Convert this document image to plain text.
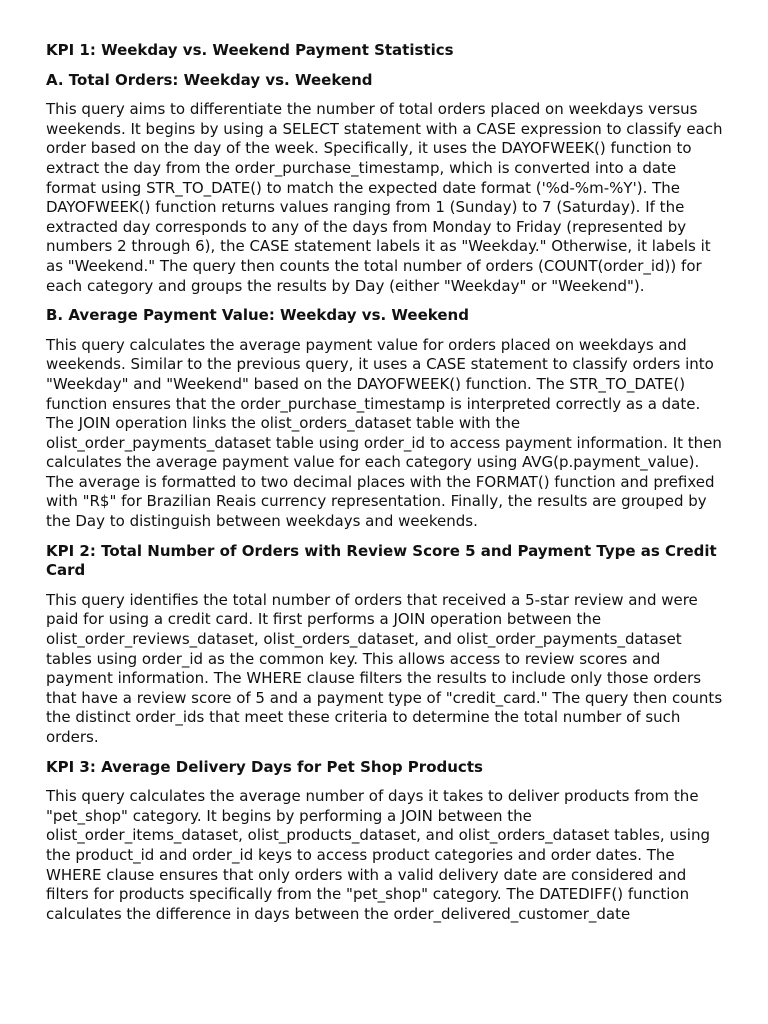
KPI 1: Weekday vs. Weekend Payment Statistics
A. Total Orders: Weekday vs. Weekend

This query aims to differentiate the number of total orders placed on weekdays versus weekends. It begins by using a SELECT statement with a CASE expression to classify each order based on the day of the week. Specifically, it uses the DAYOFWEEK() function to extract the day from the order_purchase_timestamp, which is converted into a date format using STR_TO_DATE() to match the expected date format ('%d-%m-%Y'). The DAYOFWEEK() function returns values ranging from 1 (Sunday) to 7 (Saturday). If the extracted day corresponds to any of the days from Monday to Friday (represented by numbers 2 through 6), the CASE statement labels it as "Weekday." Otherwise, it labels it as "Weekend." The query then counts the total number of orders (COUNT(order_id)) for each category and groups the results by Day (either "Weekday" or "Weekend").

B. Average Payment Value: Weekday vs. Weekend

This query calculates the average payment value for orders placed on weekdays and weekends. Similar to the previous query, it uses a CASE statement to classify orders into "Weekday" and "Weekend" based on the DAYOFWEEK() function. The STR_TO_DATE() function ensures that the order_purchase_timestamp is interpreted correctly as a date. The JOIN operation links the olist_orders_dataset table with the olist_order_payments_dataset table using order_id to access payment information. It then calculates the average payment value for each category using AVG(p.payment_value). The average is formatted to two decimal places with the FORMAT() function and prefixed with "R$" for Brazilian Reais currency representation. Finally, the results are grouped by the Day to distinguish between weekdays and weekends.

KPI 2: Total Number of Orders with Review Score 5 and Payment Type as Credit Card

This query identifies the total number of orders that received a 5-star review and were paid for using a credit card. It first performs a JOIN operation between the olist_order_reviews_dataset, olist_orders_dataset, and olist_order_payments_dataset tables using order_id as the common key. This allows access to review scores and payment information. The WHERE clause filters the results to include only those orders that have a review score of 5 and a payment type of "credit_card." The query then counts the distinct order_ids that meet these criteria to determine the total number of such orders.

KPI 3: Average Delivery Days for Pet Shop Products

This query calculates the average number of days it takes to deliver products from the "pet_shop" category. It begins by performing a JOIN between the olist_order_items_dataset, olist_products_dataset, and olist_orders_dataset tables, using the product_id and order_id keys to access product categories and order dates. The WHERE clause ensures that only orders with a valid delivery date are considered and filters for products specifically from the "pet_shop" category. The DATEDIFF() function calculates the difference in days between the order_delivered_customer_date
